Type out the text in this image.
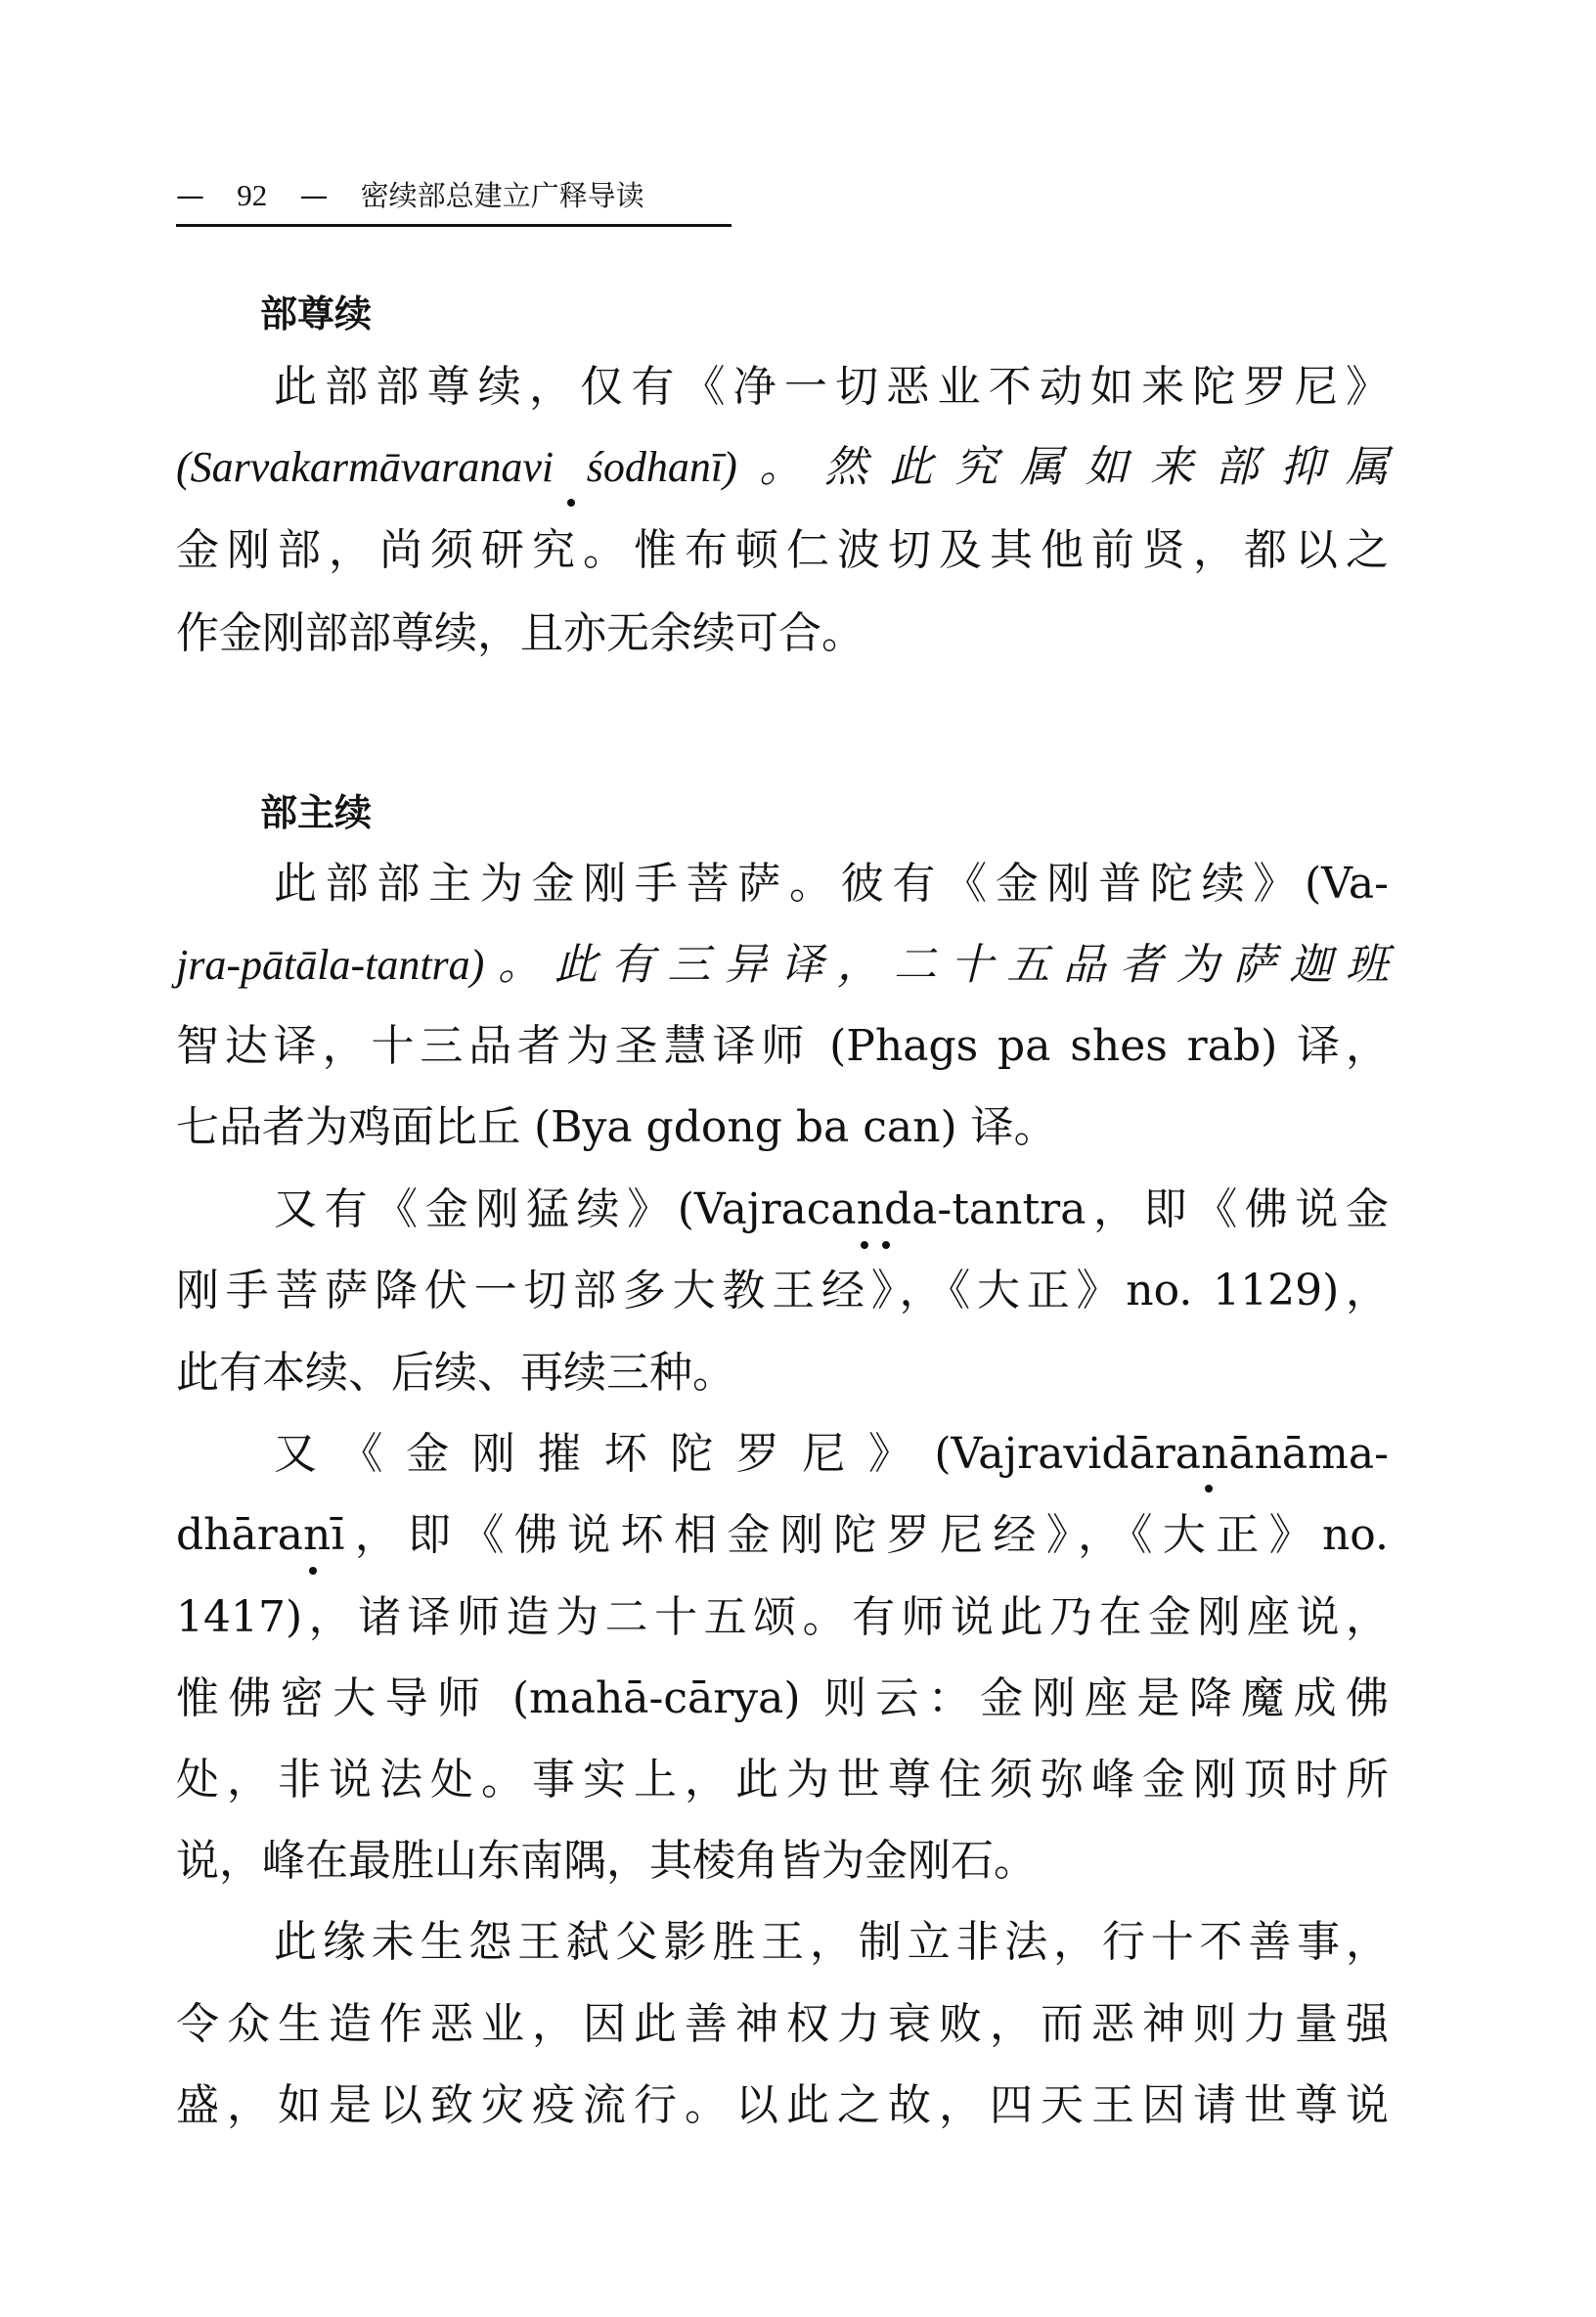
— 92 — 密续部总建立广释导读
部尊续
此部部尊续，仅有《净一切恶业不动如来陀罗尼》
(Sarvakarmāvaranavi śodhanī)。然此究属如来部抑属
金刚部，尚须研究。惟布顿仁波切及其他前贤，都以之
作金刚部部尊续，且亦无余续可合。
部主续
此部部主为金刚手菩萨。彼有《金刚普陀续》(Va-
jra-pātāla-tantra)。此有三异译，二十五品者为萨迦班
智达译，十三品者为圣慧译师 (Phags pa shes rab) 译，
七品者为鸡面比丘 (Bya gdong ba can) 译。
又有《金刚猛续》(Vajracanda-tantra，即《佛说金
刚手菩萨降伏一切部多大教王经》，《大正》no. 1129)，
此有本续、后续、再续三种。
又《金刚摧坏陀罗尼》(Vajravidāranānāma-
dhāranī，即《佛说坏相金刚陀罗尼经》，《大正》no.
1417)，诸译师造为二十五颂。有师说此乃在金刚座说，
惟佛密大导师 (mahā-cārya) 则云：金刚座是降魔成佛
处，非说法处。事实上，此为世尊住须弥峰金刚顶时所
说，峰在最胜山东南隅，其棱角皆为金刚石。
此缘未生怨王弑父影胜王，制立非法，行十不善事，
令众生造作恶业，因此善神权力衰败，而恶神则力量强
盛，如是以致灾疫流行。以此之故，四天王因请世尊说
